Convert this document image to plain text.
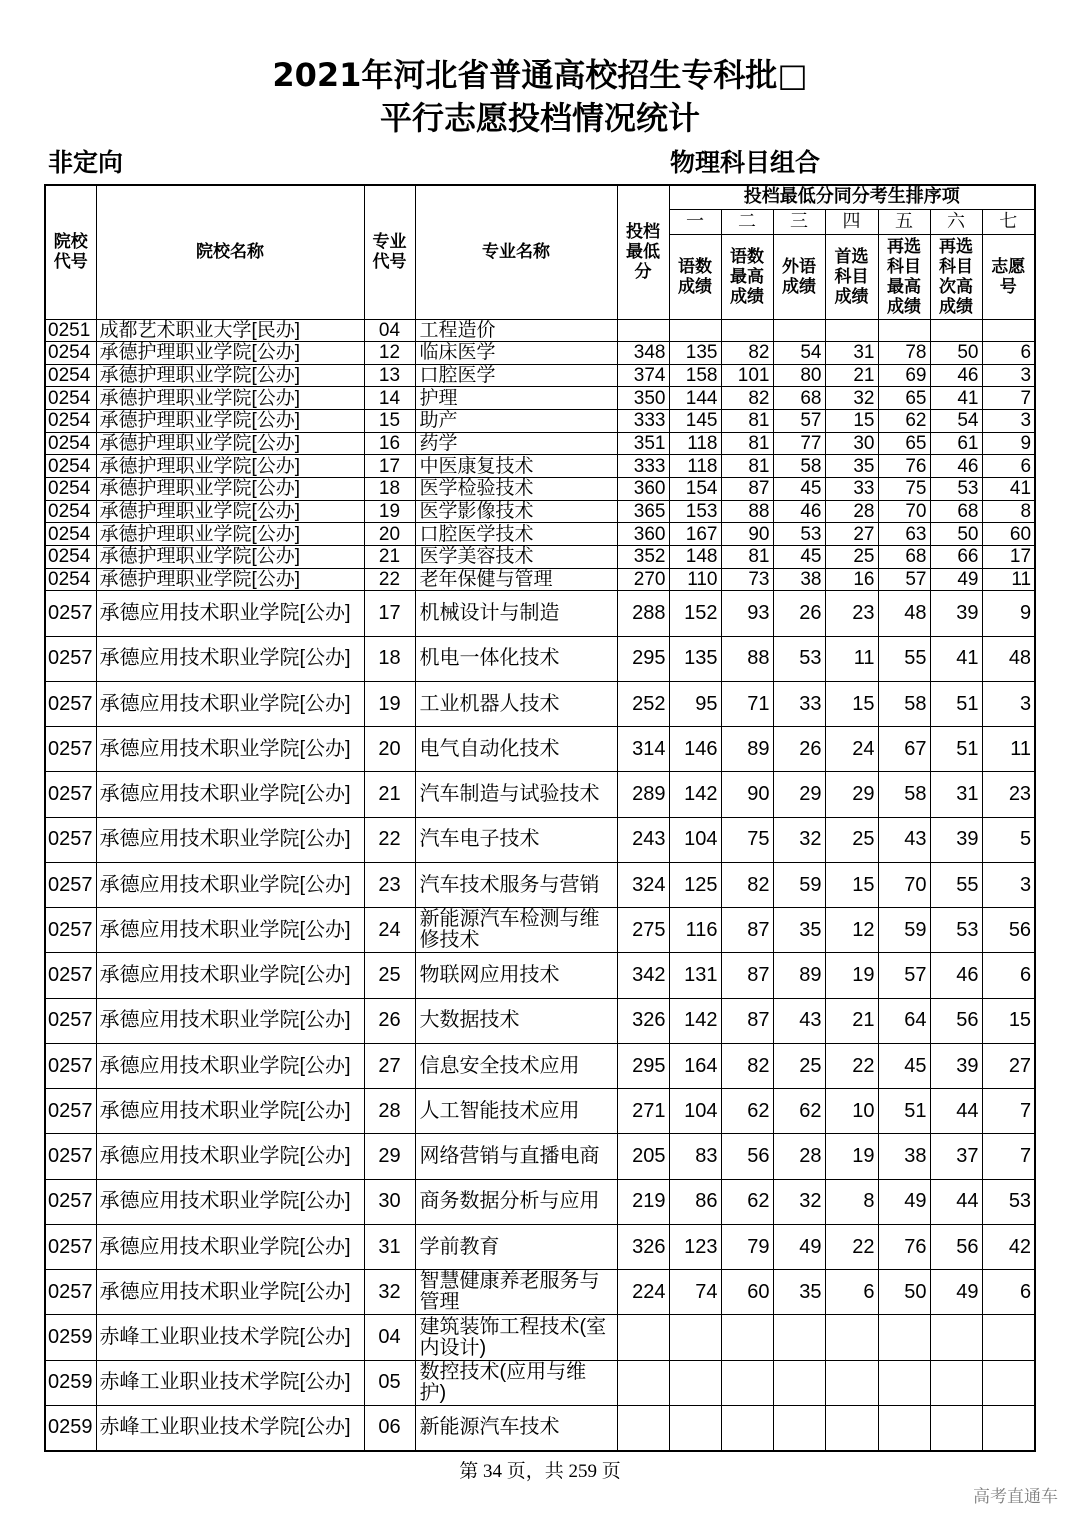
2021年河北省普通高校招生专科批□
平行志愿投档情况统计
非定向	物理科目组合
院校代号	院校名称	专业代号	专业名称	投档最低分	投档最低分同分考生排序项						
					一	二	三	四	五	六	七
					语数成绩	语数最高成绩	外语成绩	首选科目成绩	再选科目最高成绩	再选科目次高成绩	志愿号
0251	成都艺术职业大学[民办]	04	工程造价								
0254	承德护理职业学院[公办]	12	临床医学	348	135	82	54	31	78	50	6
0254	承德护理职业学院[公办]	13	口腔医学	374	158	101	80	21	69	46	3
0254	承德护理职业学院[公办]	14	护理	350	144	82	68	32	65	41	7
0254	承德护理职业学院[公办]	15	助产	333	145	81	57	15	62	54	3
0254	承德护理职业学院[公办]	16	药学	351	118	81	77	30	65	61	9
0254	承德护理职业学院[公办]	17	中医康复技术	333	118	81	58	35	76	46	6
0254	承德护理职业学院[公办]	18	医学检验技术	360	154	87	45	33	75	53	41
0254	承德护理职业学院[公办]	19	医学影像技术	365	153	88	46	28	70	68	8
0254	承德护理职业学院[公办]	20	口腔医学技术	360	167	90	53	27	63	50	60
0254	承德护理职业学院[公办]	21	医学美容技术	352	148	81	45	25	68	66	17
0254	承德护理职业学院[公办]	22	老年保健与管理	270	110	73	38	16	57	49	11
0257	承德应用技术职业学院[公办]	17	机械设计与制造	288	152	93	26	23	48	39	9
0257	承德应用技术职业学院[公办]	18	机电一体化技术	295	135	88	53	11	55	41	48
0257	承德应用技术职业学院[公办]	19	工业机器人技术	252	95	71	33	15	58	51	3
0257	承德应用技术职业学院[公办]	20	电气自动化技术	314	146	89	26	24	67	51	11
0257	承德应用技术职业学院[公办]	21	汽车制造与试验技术	289	142	90	29	29	58	31	23
0257	承德应用技术职业学院[公办]	22	汽车电子技术	243	104	75	32	25	43	39	5
0257	承德应用技术职业学院[公办]	23	汽车技术服务与营销	324	125	82	59	15	70	55	3
0257	承德应用技术职业学院[公办]	24	新能源汽车检测与维修技术	275	116	87	35	12	59	53	56
0257	承德应用技术职业学院[公办]	25	物联网应用技术	342	131	87	89	19	57	46	6
0257	承德应用技术职业学院[公办]	26	大数据技术	326	142	87	43	21	64	56	15
0257	承德应用技术职业学院[公办]	27	信息安全技术应用	295	164	82	25	22	45	39	27
0257	承德应用技术职业学院[公办]	28	人工智能技术应用	271	104	62	62	10	51	44	7
0257	承德应用技术职业学院[公办]	29	网络营销与直播电商	205	83	56	28	19	38	37	7
0257	承德应用技术职业学院[公办]	30	商务数据分析与应用	219	86	62	32	8	49	44	53
0257	承德应用技术职业学院[公办]	31	学前教育	326	123	79	49	22	76	56	42
0257	承德应用技术职业学院[公办]	32	智慧健康养老服务与管理	224	74	60	35	6	50	49	6
0259	赤峰工业职业技术学院[公办]	04	建筑装饰工程技术(室内设计)								
0259	赤峰工业职业技术学院[公办]	05	数控技术(应用与维护)								
0259	赤峰工业职业技术学院[公办]	06	新能源汽车技术								
第 34 页，共 259 页
高考直通车
